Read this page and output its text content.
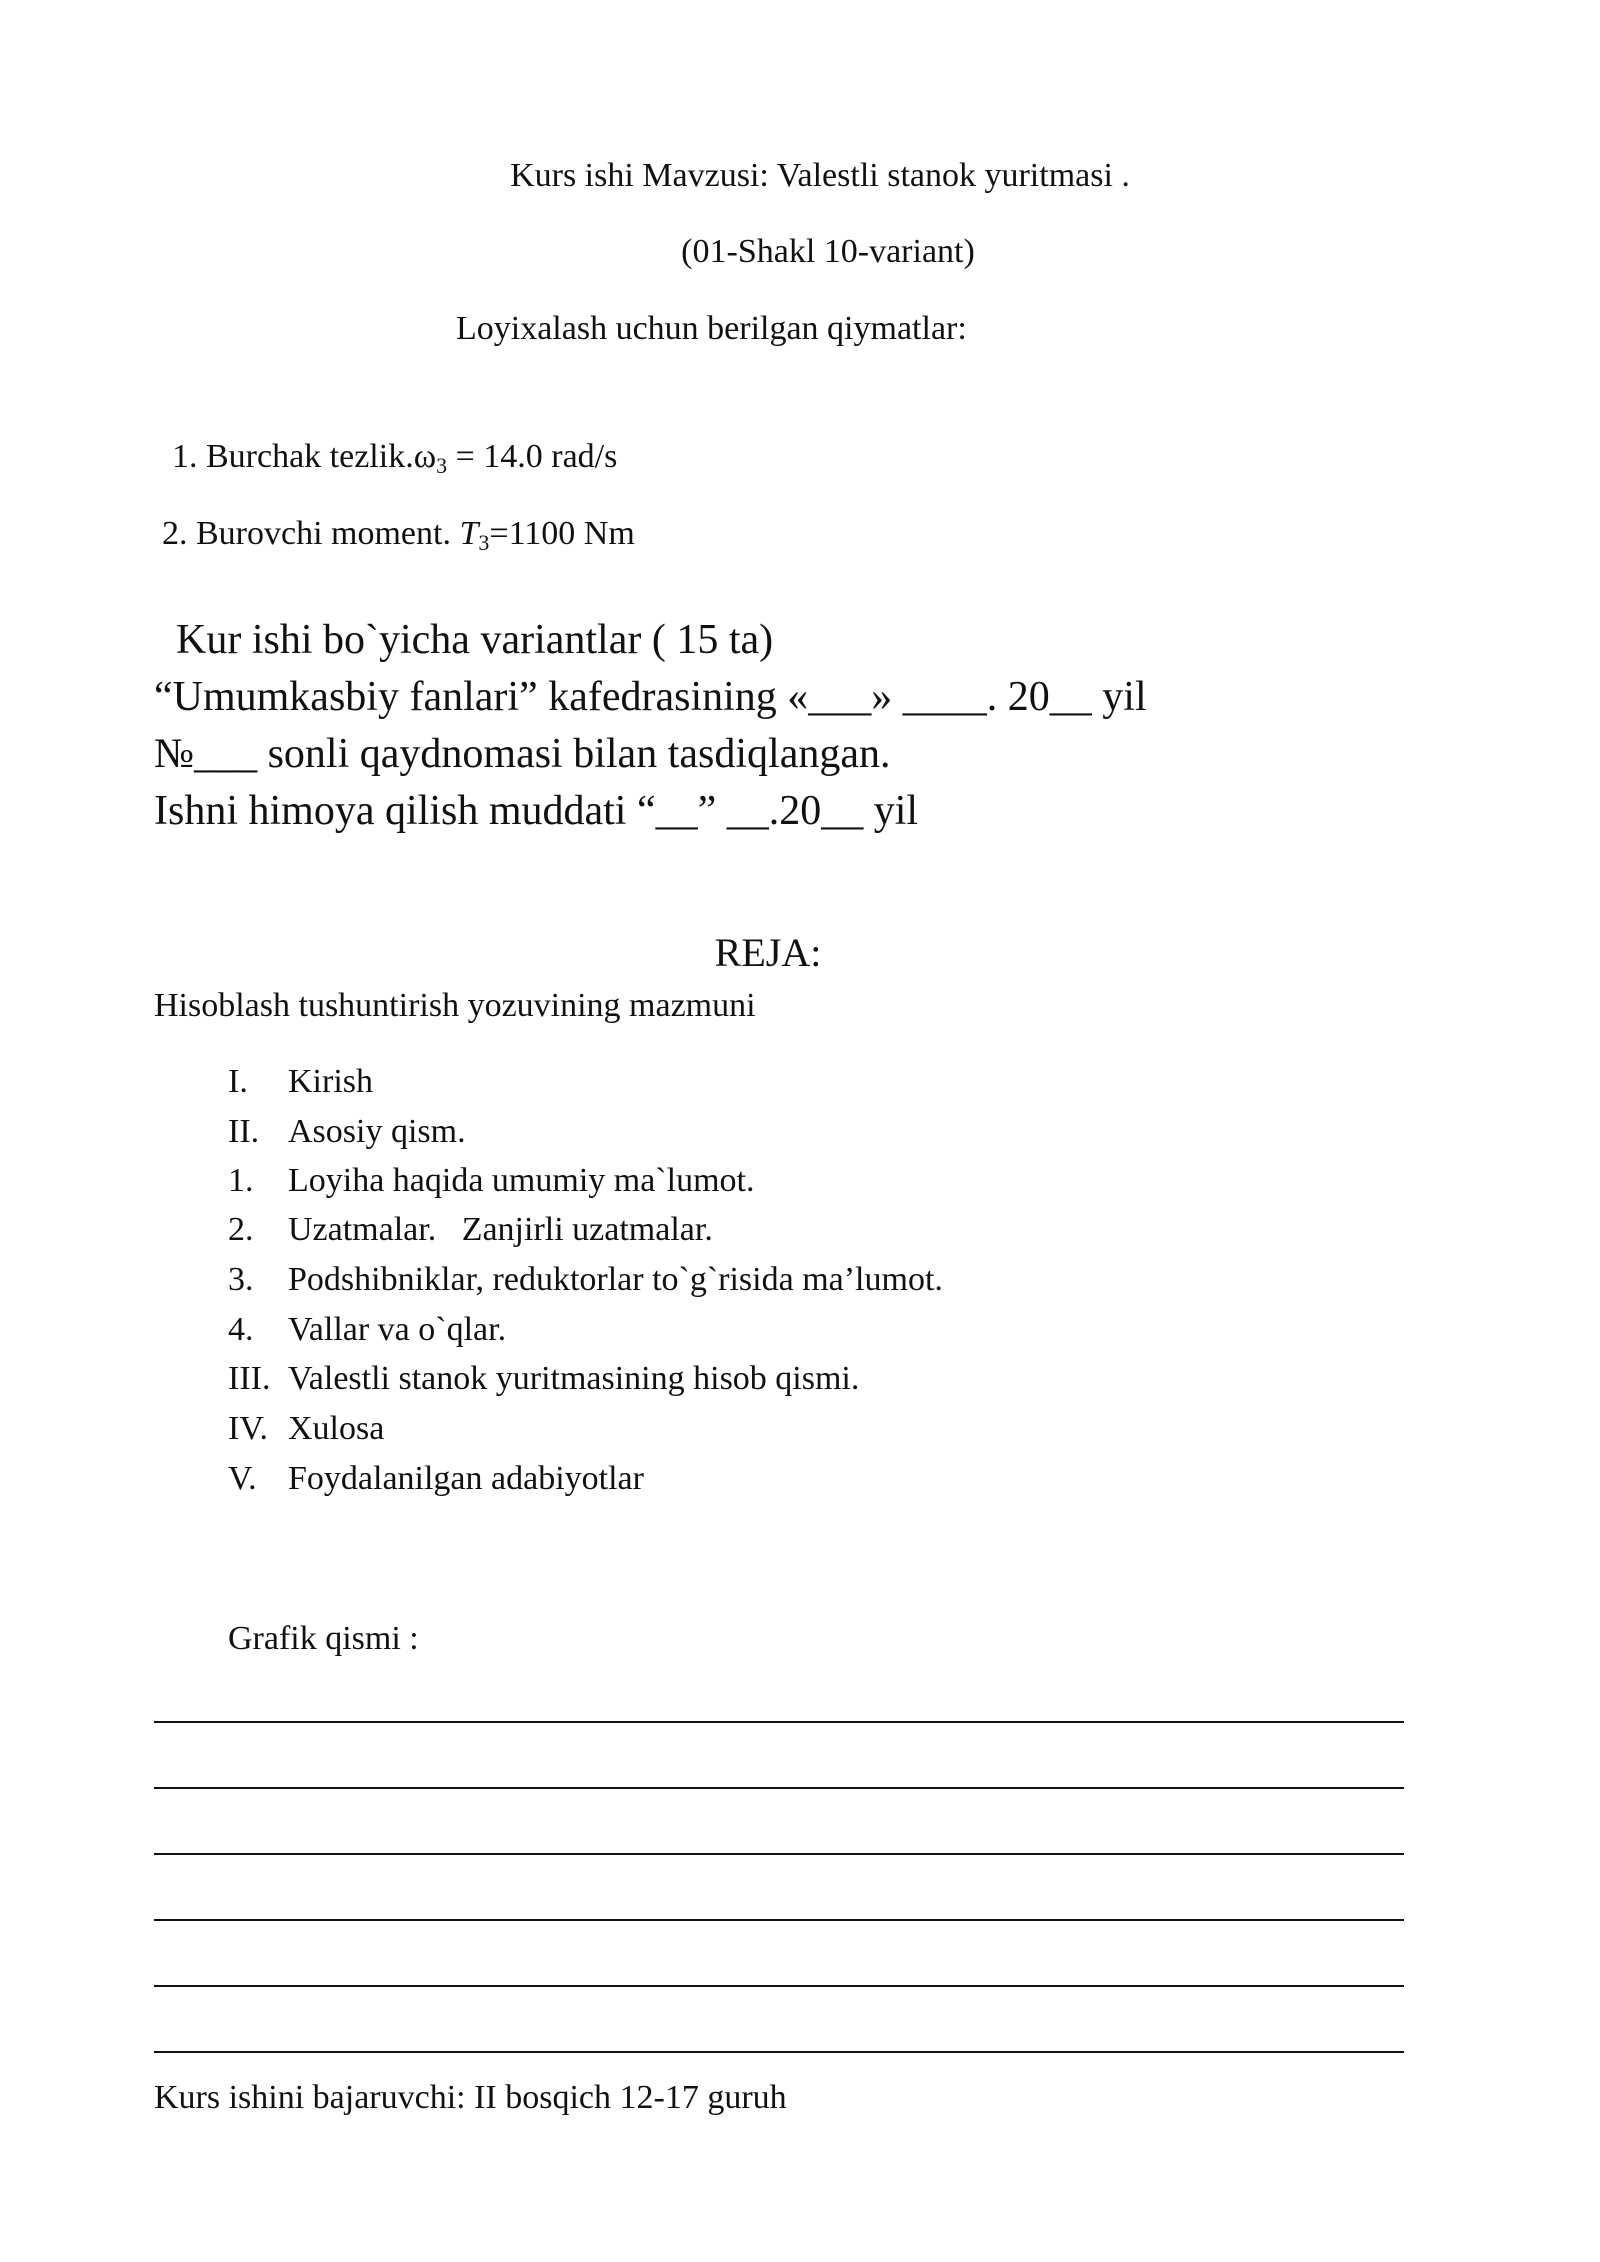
Kurs ishi Mavzusi: Valestli stanok yuritmasi .
(01-Shakl 10-variant)
Loyixalash uchun berilgan qiymatlar:
1. Burchak tezlik.ω3 = 14.0 rad/s
2. Burovchi moment. T3=1100 Nm
Kur ishi bo`yicha variantlar ( 15 ta)
“Umumkasbiy fanlari” kafedrasining «___» ____. 20__ yil
№___ sonli qaydnomasi bilan tasdiqlangan.
Ishni himoya qilish muddati “__” __.20__ yil
REJA:
Hisoblash tushuntirish yozuvining mazmuni
I. Kirish
II. Asosiy qism.
1. Loyiha haqida umumiy ma`lumot.
2. Uzatmalar.   Zanjirli uzatmalar.
3. Podshibniklar, reduktorlar to`g`risida ma’lumot.
4. Vallar va o`qlar.
III. Valestli stanok yuritmasining hisob qismi.
IV. Xulosa
V. Foydalanilgan adabiyotlar
Grafik qismi :
Kurs ishini bajaruvchi: II bosqich 12-17 guruh
